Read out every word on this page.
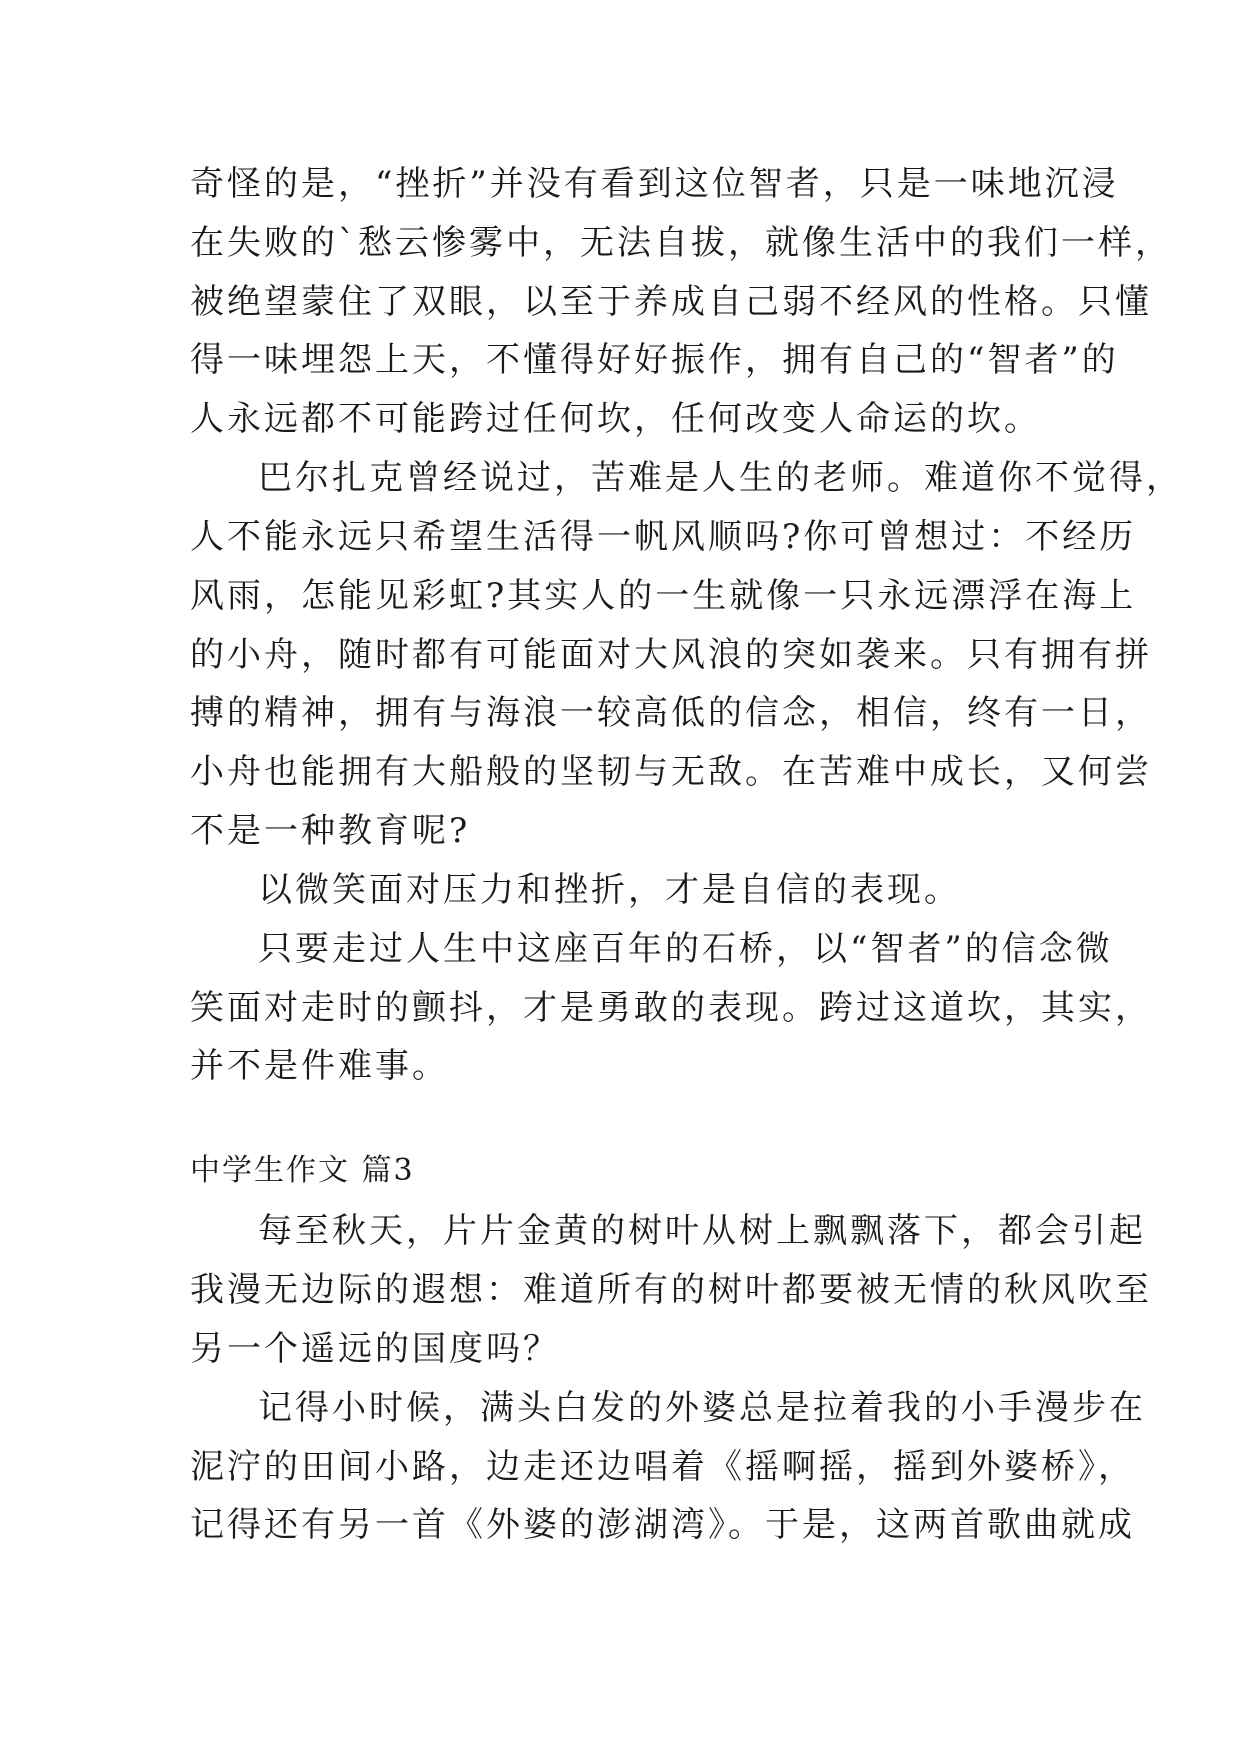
奇怪的是，“挫折”并没有看到这位智者，只是一味地沉浸
在失败的`愁云惨雾中，无法自拔，就像生活中的我们一样，
被绝望蒙住了双眼，以至于养成自己弱不经风的性格。只懂
得一味埋怨上天，不懂得好好振作，拥有自己的“智者”的
人永远都不可能跨过任何坎，任何改变人命运的坎。
巴尔扎克曾经说过，苦难是人生的老师。难道你不觉得，
人不能永远只希望生活得一帆风顺吗?你可曾想过：不经历
风雨，怎能见彩虹?其实人的一生就像一只永远漂浮在海上
的小舟，随时都有可能面对大风浪的突如袭来。只有拥有拼
搏的精神，拥有与海浪一较高低的信念，相信，终有一日，
小舟也能拥有大船般的坚韧与无敌。在苦难中成长，又何尝
不是一种教育呢?
以微笑面对压力和挫折，才是自信的表现。
只要走过人生中这座百年的石桥，以“智者”的信念微
笑面对走时的颤抖，才是勇敢的表现。跨过这道坎，其实，
并不是件难事。
中学生作文 篇3
每至秋天，片片金黄的树叶从树上飘飘落下，都会引起
我漫无边际的遐想：难道所有的树叶都要被无情的秋风吹至
另一个遥远的国度吗？
记得小时候，满头白发的外婆总是拉着我的小手漫步在
泥泞的田间小路，边走还边唱着《摇啊摇，摇到外婆桥》，
记得还有另一首《外婆的澎湖湾》。于是，这两首歌曲就成
